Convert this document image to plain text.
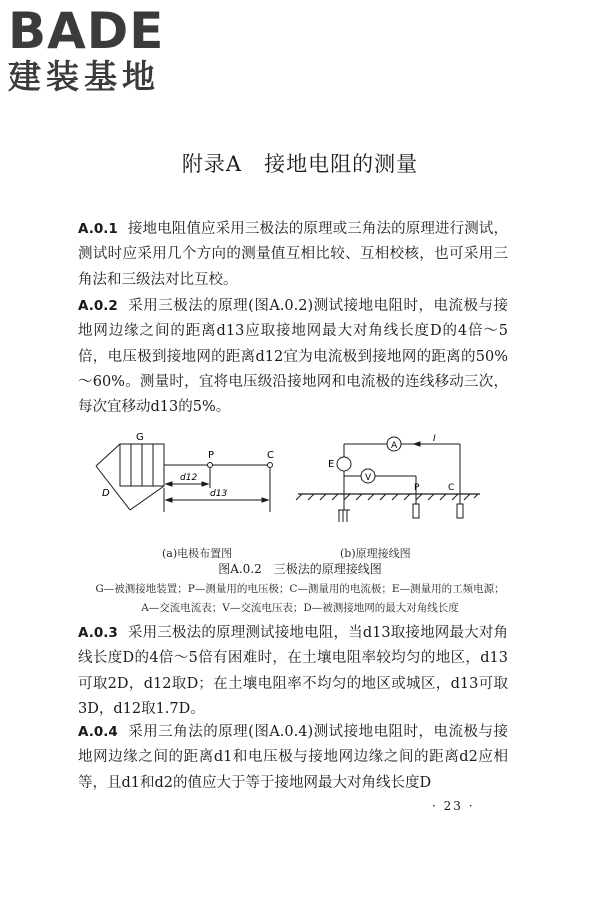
BADE
建装基地
附录A　接地电阻的测量
A.0.1 接地电阻值应采用三极法的原理或三角法的原理进行测试，测试时应采用几个方向的测量值互相比较、互相校核，也可采用三角法和三级法对比互校。
A.0.2 采用三极法的原理(图A.0.2)测试接地电阻时，电流极与接地网边缘之间的距离d13应取接地网最大对角线长度D的4倍～5倍，电压极到接地网的距离d12宜为电流极到接地网的距离的50%～60%。测量时，宜将电压级沿接地网和电流极的连线移动三次，每次宜移动d13的5%。
G
P	C
D
d12
d13
E
A
V
I
P	C
(a)电极布置图	(b)原理接线图
图A.0.2　三极法的原理接线图
G—被测接地装置；P—测量用的电压极；C—测量用的电流极；E—测量用的工频电源；
A—交流电流表；V—交流电压表；D—被测接地网的最大对角线长度
A.0.3 采用三极法的原理测试接地电阻，当d13取接地网最大对角线长度D的4倍～5倍有困难时，在土壤电阻率较均匀的地区，d13可取2D，d12取D；在土壤电阻率不均匀的地区或城区，d13可取3D，d12取1.7D。
A.0.4 采用三角法的原理(图A.0.4)测试接地电阻时，电流极与接地网边缘之间的距离d1和电压极与接地网边缘之间的距离d2应相等，且d1和d2的值应大于等于接地网最大对角线长度D
· 23 ·
